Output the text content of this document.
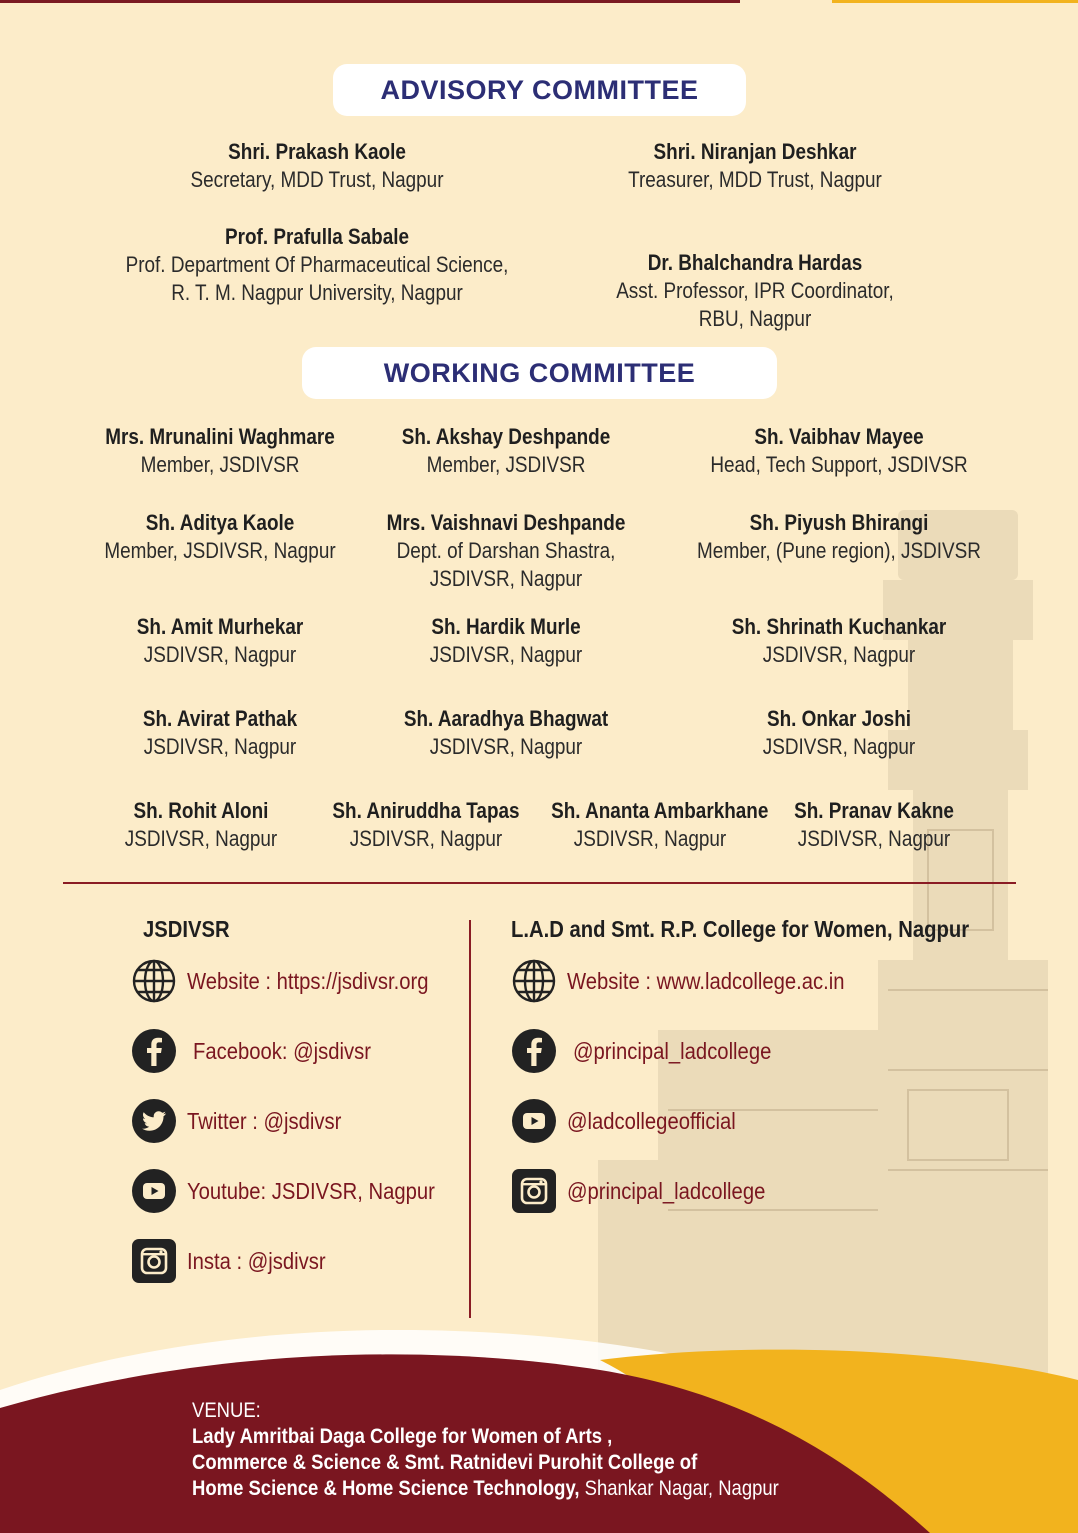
ADVISORY COMMITTEE
Shri. Prakash Kaole
Secretary, MDD Trust, Nagpur
Shri. Niranjan Deshkar
Treasurer, MDD Trust, Nagpur
Prof. Prafulla Sabale
Prof. Department Of Pharmaceutical Science,
R. T. M. Nagpur University, Nagpur
Dr. Bhalchandra Hardas
Asst. Professor, IPR Coordinator,
RBU, Nagpur
WORKING COMMITTEE
Mrs. Mrunalini Waghmare
Member, JSDIVSR
Sh. Akshay Deshpande
Member, JSDIVSR
Sh. Vaibhav Mayee
Head, Tech Support, JSDIVSR
Sh. Aditya Kaole
Member, JSDIVSR, Nagpur
Mrs. Vaishnavi Deshpande
Dept. of Darshan Shastra,
JSDIVSR, Nagpur
Sh. Piyush Bhirangi
Member, (Pune region), JSDIVSR
Sh. Amit Murhekar
JSDIVSR, Nagpur
Sh. Hardik Murle
JSDIVSR, Nagpur
Sh. Shrinath Kuchankar
JSDIVSR, Nagpur
Sh. Avirat Pathak
JSDIVSR, Nagpur
Sh. Aaradhya Bhagwat
JSDIVSR, Nagpur
Sh. Onkar Joshi
JSDIVSR, Nagpur
Sh. Rohit Aloni
JSDIVSR, Nagpur
Sh. Aniruddha Tapas
JSDIVSR, Nagpur
Sh. Ananta Ambarkhane
JSDIVSR, Nagpur
Sh. Pranav Kakne
JSDIVSR, Nagpur
JSDIVSR
Website : https://jsdivsr.org
Facebook: @jsdivsr
Twitter : @jsdivsr
Youtube: JSDIVSR, Nagpur
Insta : @jsdivsr
L.A.D and Smt. R.P. College for Women, Nagpur
Website : www.ladcollege.ac.in
@principal_ladcollege
@ladcollegeofficial
@principal_ladcollege
VENUE:
Lady Amritbai Daga College for Women of Arts ,
Commerce & Science & Smt. Ratnidevi Purohit College of
Home Science & Home Science Technology, Shankar Nagar, Nagpur
